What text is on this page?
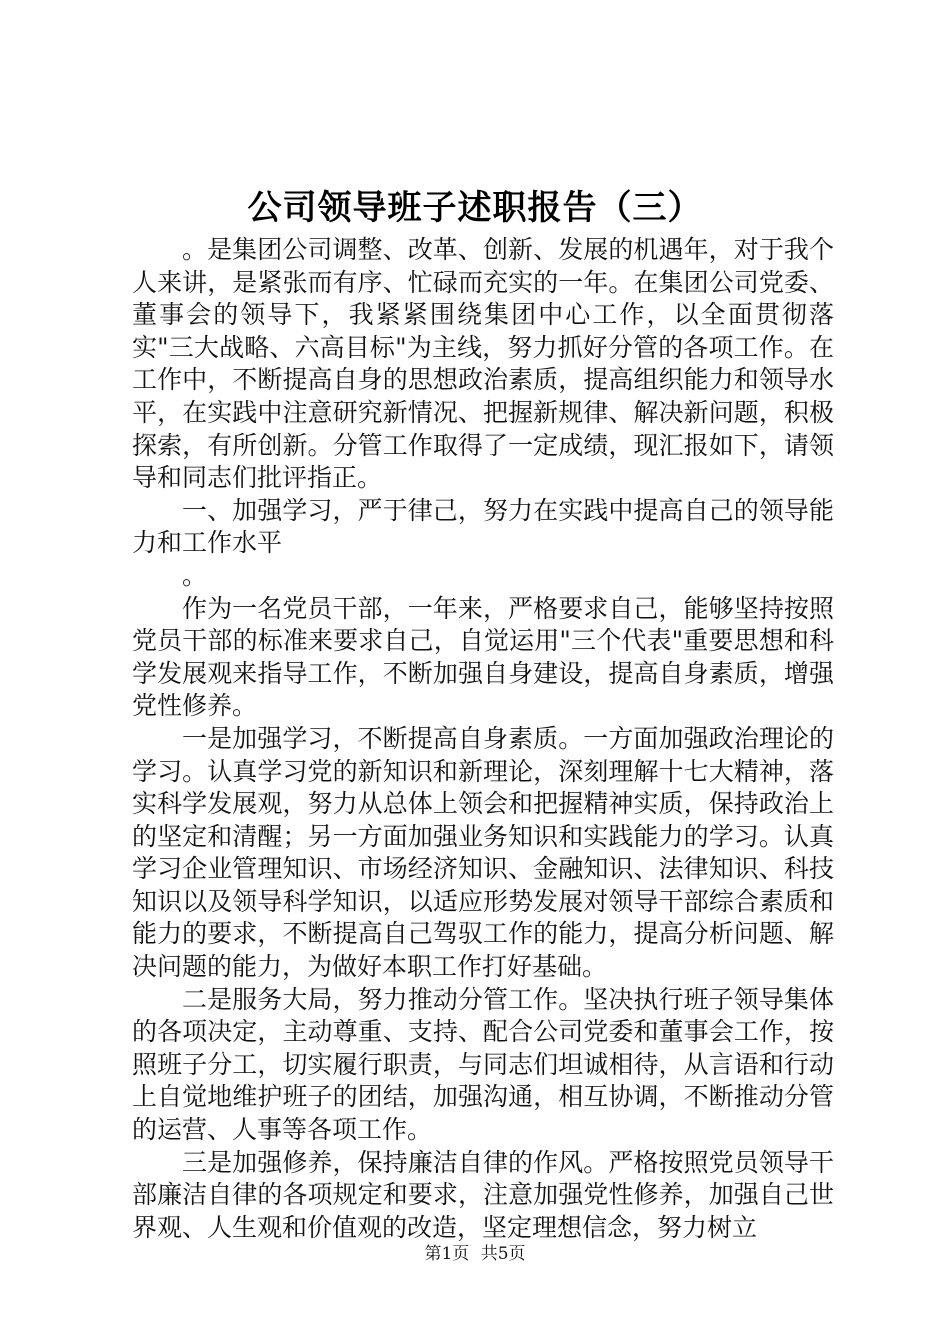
公司领导班子述职报告（三）

。是集团公司调整、改革、创新、发展的机遇年，对于我个人来讲，是紧张而有序、忙碌而充实的一年。在集团公司党委、董事会的领导下，我紧紧围绕集团中心工作，以全面贯彻落实"三大战略、六高目标"为主线，努力抓好分管的各项工作。在工作中，不断提高自身的思想政治素质，提高组织能力和领导水平，在实践中注意研究新情况、把握新规律、解决新问题，积极探索，有所创新。分管工作取得了一定成绩，现汇报如下，请领导和同志们批评指正。

一、加强学习，严于律己，努力在实践中提高自己的领导能力和工作水平

。

作为一名党员干部，一年来，严格要求自己，能够坚持按照党员干部的标准来要求自己，自觉运用"三个代表"重要思想和科学发展观来指导工作，不断加强自身建设，提高自身素质，增强党性修养。

一是加强学习，不断提高自身素质。一方面加强政治理论的学习。认真学习党的新知识和新理论，深刻理解十七大精神，落实科学发展观，努力从总体上领会和把握精神实质，保持政治上的坚定和清醒；另一方面加强业务知识和实践能力的学习。认真学习企业管理知识、市场经济知识、金融知识、法律知识、科技知识以及领导科学知识，以适应形势发展对领导干部综合素质和能力的要求，不断提高自己驾驭工作的能力，提高分析问题、解决问题的能力，为做好本职工作打好基础。

二是服务大局，努力推动分管工作。坚决执行班子领导集体的各项决定，主动尊重、支持、配合公司党委和董事会工作，按照班子分工，切实履行职责，与同志们坦诚相待，从言语和行动上自觉地维护班子的团结，加强沟通，相互协调，不断推动分管的运营、人事等各项工作。

三是加强修养，保持廉洁自律的作风。严格按照党员领导干部廉洁自律的各项规定和要求，注意加强党性修养，加强自己世界观、人生观和价值观的改造，坚定理想信念，努力树立

第1页 共5页
